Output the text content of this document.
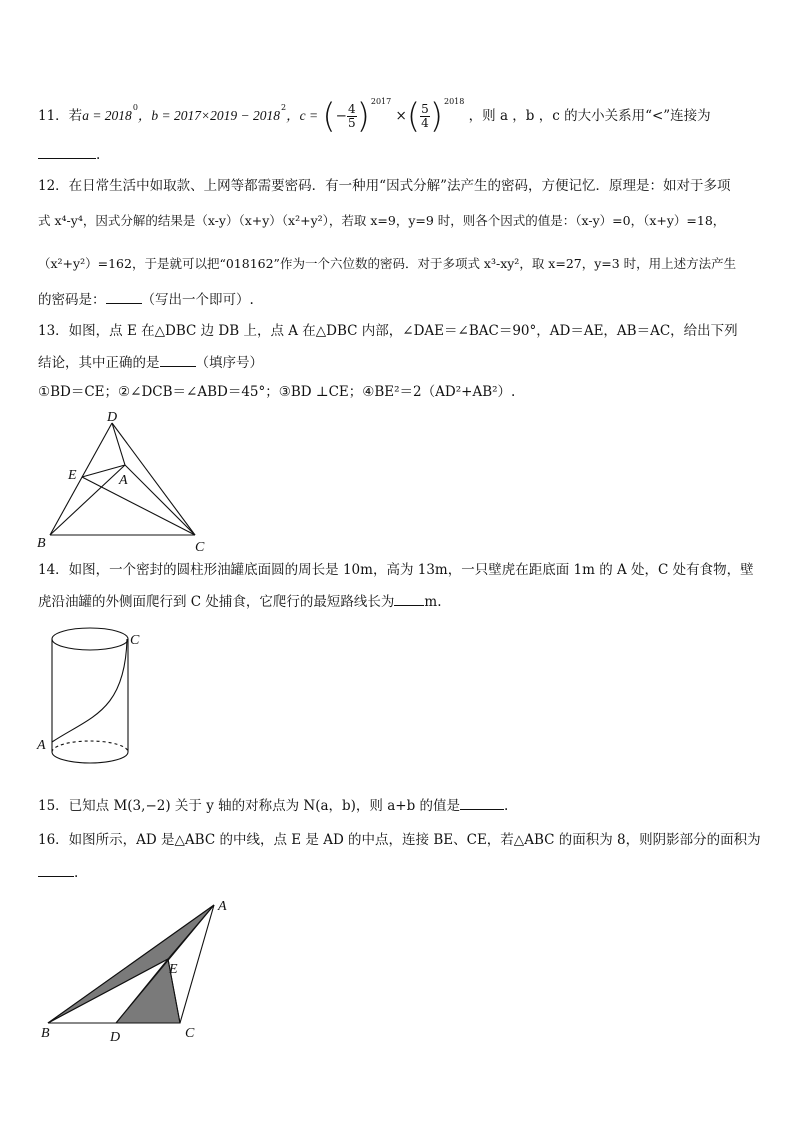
11．若$a = 2018^0$，$b = 2017\times 2019 - 2018^2$，c = (− $\frac{4}{5} )^{2017}$ ×( $\frac{5}{4} )^{2018}$ ，则 a ，b ，c 的大小关系用“<”连接为
.
12．在日常生活中如取款、上网等都需要密码．有一种用“因式分解”法产生的密码，方便记忆．原理是：如对于多项
式 x⁴-y⁴，因式分解的结果是（x-y）（x+y）（x²+y²），若取 x=9，y=9 时，则各个因式的值是：（x-y）=0，（x+y）=18，
（x²+y²）=162，于是就可以把“018162”作为一个六位数的密码．对于多项式 x³-xy²，取 x=27，y=3 时，用上述方法产生
的密码是：	（写出一个即可）.
13．如图，点 E 在△DBC 边 DB 上，点 A 在△DBC 内部，∠DAE＝∠BAC＝90°，AD＝AE，AB＝AC，给出下列
结论，其中正确的是	（填序号）
①BD＝CE；②∠DCB＝∠ABD＝45°；③BD ⊥CE；④BE²＝2（AD²+AB²）.
D
E	A
B	C
14．如图，一个密封的圆柱形油罐底面圆的周长是 10m，高为 13m，一只壁虎在距底面 1m 的 A 处，C 处有食物，壁
虎沿油罐的外侧面爬行到 C 处捕食，它爬行的最短路线长为 m.
C
A
15．已知点 M(3,−2) 关于 y 轴的对称点为 N(a，b)，则 a+b 的值是	.
16．如图所示，AD 是△ABC 的中线，点 E 是 AD 的中点，连接 BE、CE，若△ABC 的面积为 8，则阴影部分的面积为
.
A
E
B	D	C
